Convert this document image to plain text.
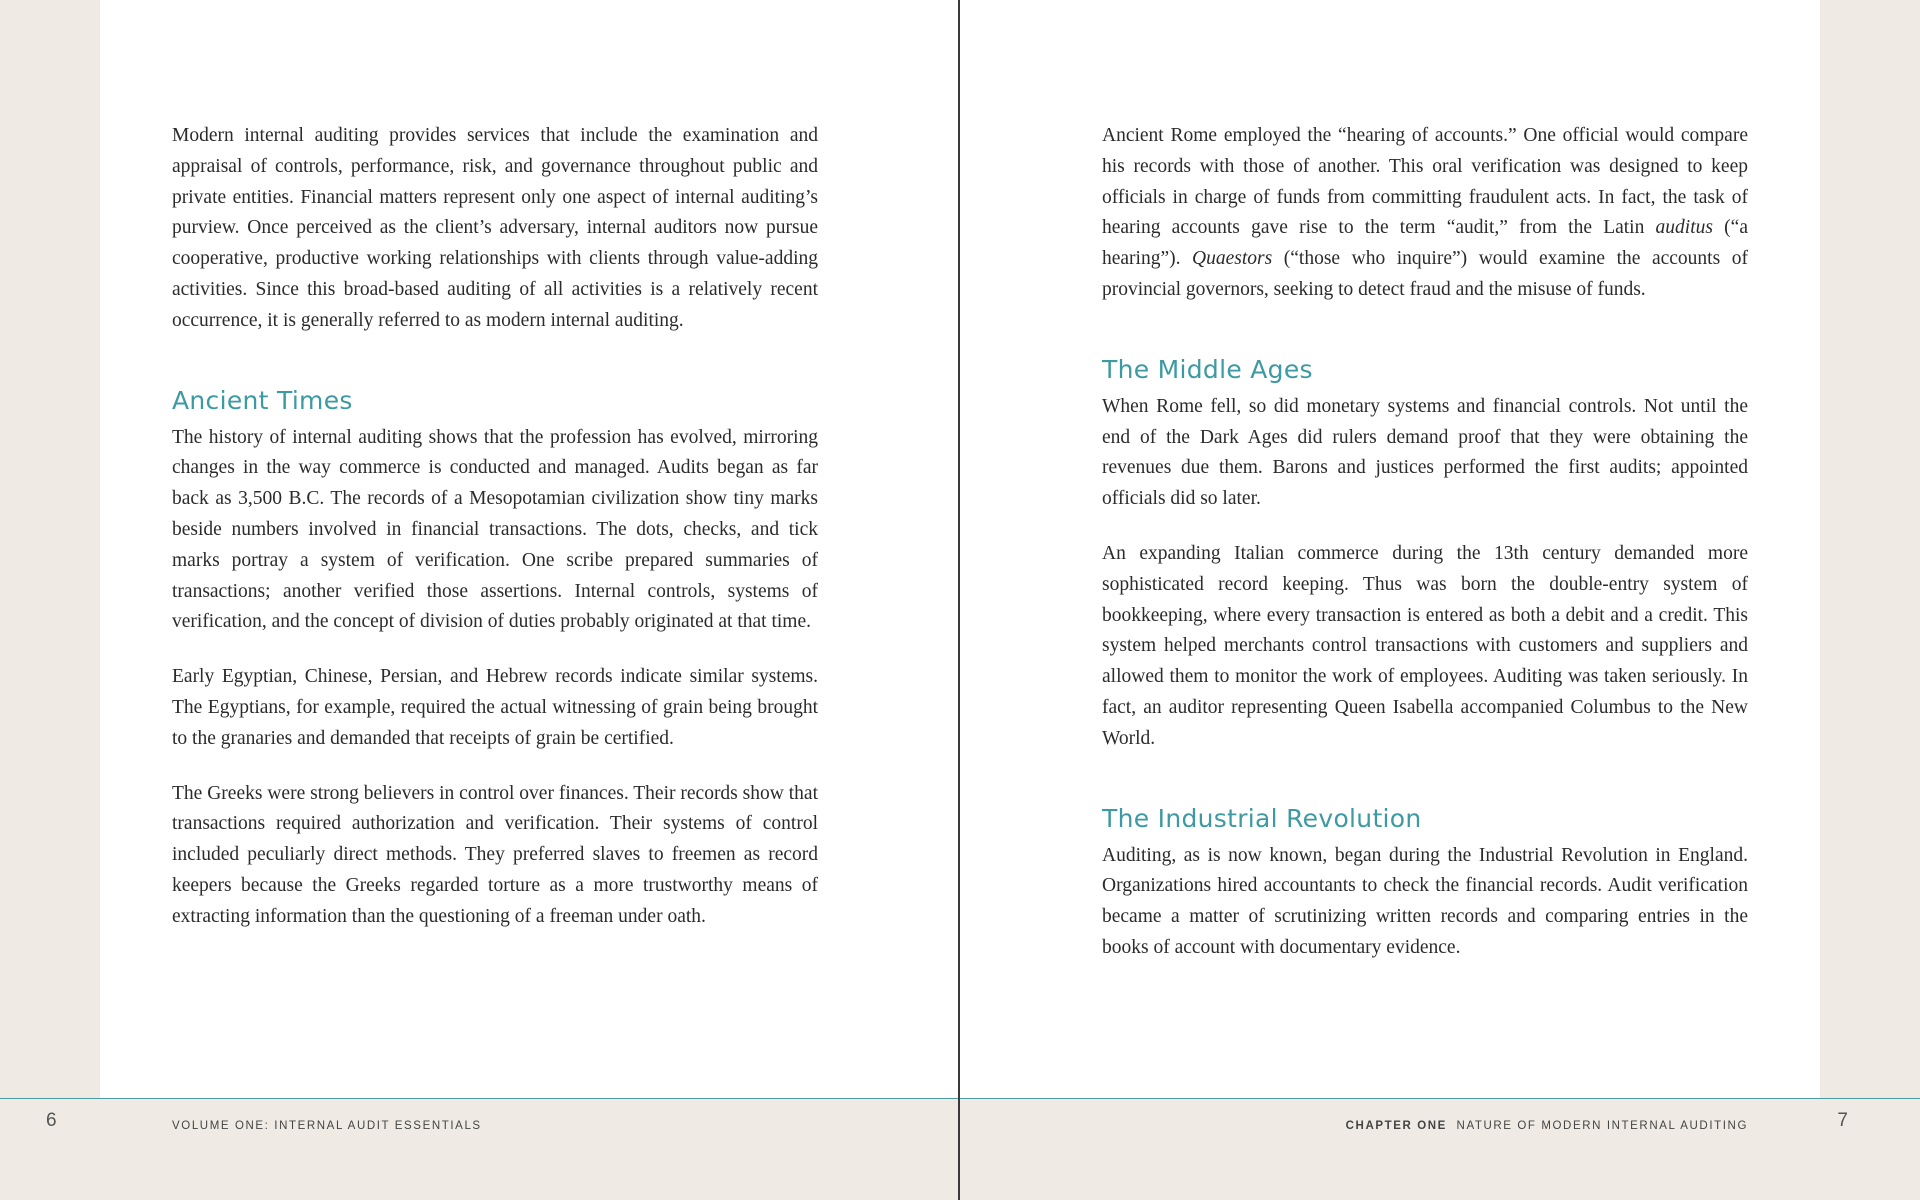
Modern internal auditing provides services that include the examination and appraisal of controls, performance, risk, and governance throughout public and private entities. Financial matters represent only one aspect of internal auditing’s purview. Once perceived as the client’s adversary, internal auditors now pursue cooperative, productive working relationships with clients through value-adding activities. Since this broad-based auditing of all activities is a relatively recent occurrence, it is generally referred to as modern internal auditing.

Ancient Times

The history of internal auditing shows that the profession has evolved, mirroring changes in the way commerce is conducted and managed. Audits began as far back as 3,500 B.C. The records of a Mesopotamian civilization show tiny marks beside numbers involved in financial transactions. The dots, checks, and tick marks portray a system of verification. One scribe prepared summaries of transactions; another verified those assertions. Internal controls, systems of verification, and the concept of division of duties probably originated at that time.

Early Egyptian, Chinese, Persian, and Hebrew records indicate similar systems. The Egyptians, for example, required the actual witnessing of grain being brought to the granaries and demanded that receipts of grain be certified.

The Greeks were strong believers in control over finances. Their records show that transactions required authorization and verification. Their systems of control included peculiarly direct methods. They preferred slaves to freemen as record keepers because the Greeks regarded torture as a more trustworthy means of extracting information than the questioning of a freeman under oath.

6	VOLUME ONE: INTERNAL AUDIT ESSENTIALS

Ancient Rome employed the “hearing of accounts.” One official would compare his records with those of another. This oral verification was designed to keep officials in charge of funds from committing fraudulent acts. In fact, the task of hearing accounts gave rise to the term “audit,” from the Latin auditus (“a hearing”). Quaestors (“those who inquire”) would examine the accounts of provincial governors, seeking to detect fraud and the misuse of funds.

The Middle Ages

When Rome fell, so did monetary systems and financial controls. Not until the end of the Dark Ages did rulers demand proof that they were obtaining the revenues due them. Barons and justices performed the first audits; appointed officials did so later.

An expanding Italian commerce during the 13th century demanded more sophisticated record keeping. Thus was born the double-entry system of bookkeeping, where every transaction is entered as both a debit and a credit. This system helped merchants control transactions with customers and suppliers and allowed them to monitor the work of employees. Auditing was taken seriously. In fact, an auditor representing Queen Isabella accompanied Columbus to the New World.

The Industrial Revolution

Auditing, as is now known, began during the Industrial Revolution in England. Organizations hired accountants to check the financial records. Audit verification became a matter of scrutinizing written records and comparing entries in the books of account with documentary evidence.

CHAPTER ONE NATURE OF MODERN INTERNAL AUDITING	7
